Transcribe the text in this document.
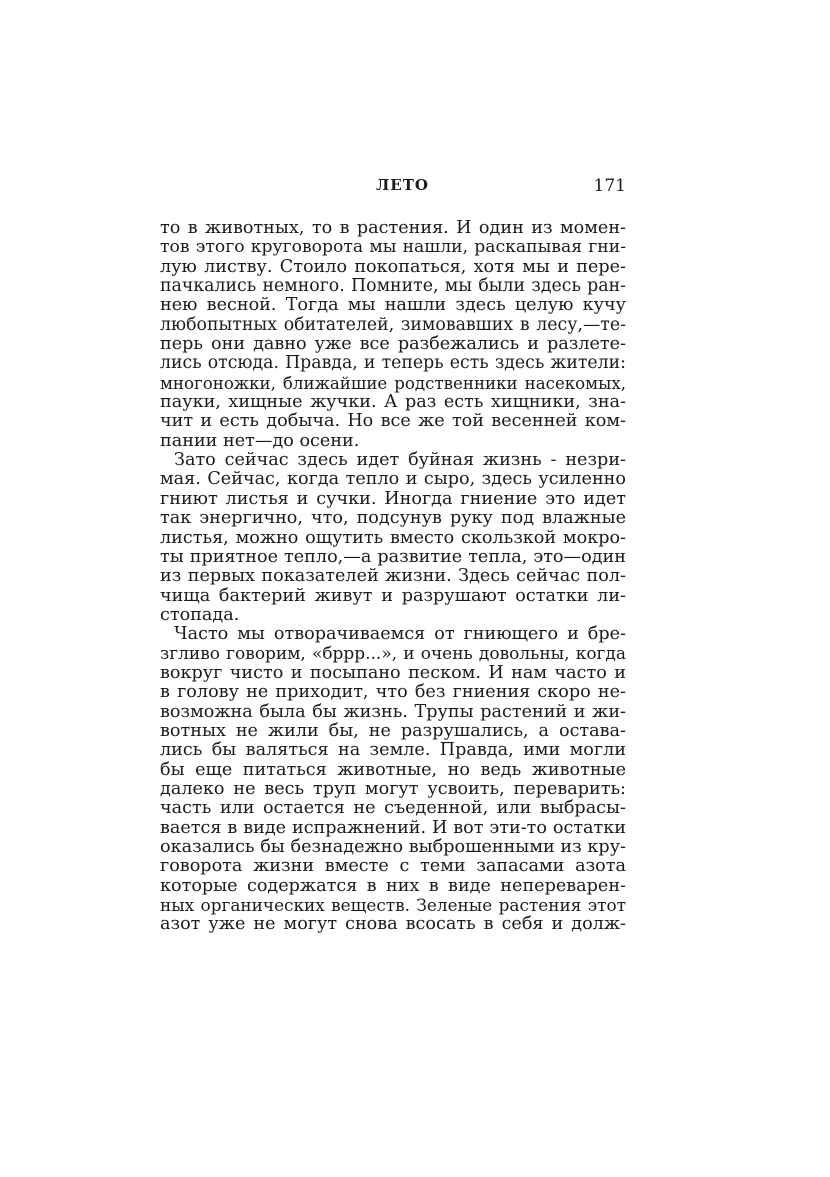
ЛЕТО	171
то в животных, то в растения. И один из момен-
тов этого круговорота мы нашли, раскапывая гни-
лую листву. Стоило покопаться, хотя мы и пере-
пачкались немного. Помните, мы были здесь ран-
нею весной. Тогда мы нашли здесь целую кучу
любопытных обитателей, зимовавших в лесу,—те-
перь они давно уже все разбежались и разлете-
лись отсюда. Правда, и теперь есть здесь жители:
многоножки, ближайшие родственники насекомых,
пауки, хищные жучки. А раз есть хищники, зна-
чит и есть добыча. Но все же той весенней ком-
пании нет—до осени.
Зато сейчас здесь идет буйная жизнь - незри-
мая. Сейчас, когда тепло и сыро, здесь усиленно
гниют листья и сучки. Иногда гниение это идет
так энергично, что, подсунув руку под влажные
листья, можно ощутить вместо скользкой мокро-
ты приятное тепло,—а развитие тепла, это—один
из первых показателей жизни. Здесь сейчас пол-
чища бактерий живут и разрушают остатки ли-
стопада.
Часто мы отворачиваемся от гниющего и бре-
згливо говорим, «бррр...», и очень довольны, когда
вокруг чисто и посыпано песком. И нам часто и
в голову не приходит, что без гниения скоро не-
возможна была бы жизнь. Трупы растений и жи-
вотных не жили бы, не разрушались, а остава-
лись бы валяться на земле. Правда, ими могли
бы еще питаться животные, но ведь животные
далеко не весь труп могут усвоить, переварить:
часть или остается не съеденной, или выбрасы-
вается в виде испражнений. И вот эти-то остатки
оказались бы безнадежно выброшенными из кру-
говорота жизни вместе с теми запасами азота
которые содержатся в них в виде непереварен-
ных органических веществ. Зеленые растения этот
азот уже не могут снова всосать в себя и долж-
